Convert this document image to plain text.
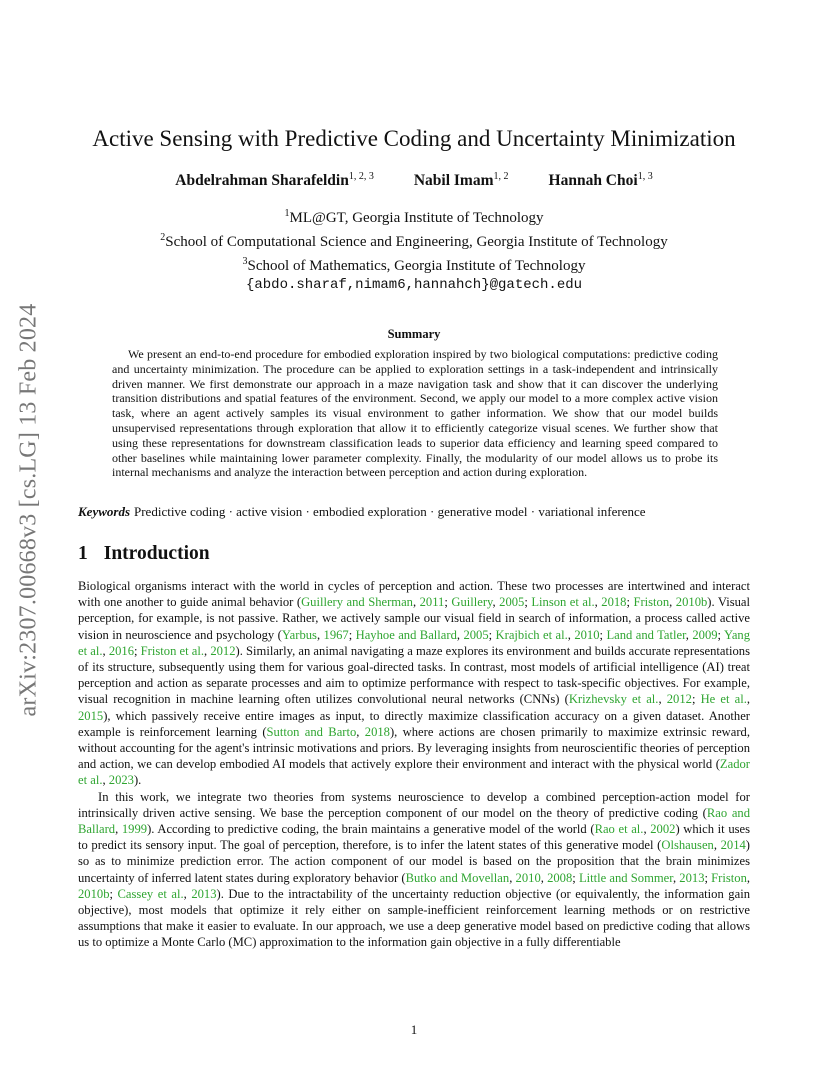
arXiv:2307.00668v3 [cs.LG] 13 Feb 2024
Active Sensing with Predictive Coding and Uncertainty Minimization
Abdelrahman Sharafeldin$^{1, 2, 3}$	Nabil Imam$^{1, 2}$	Hannah Choi$^{1, 3}$
$^1$ML@GT, Georgia Institute of Technology
$^2$School of Computational Science and Engineering, Georgia Institute of Technology
$^3$School of Mathematics, Georgia Institute of Technology
{abdo.sharaf,nimam6,hannahch}@gatech.edu
Summary

We present an end-to-end procedure for embodied exploration inspired by two biological computations: predictive coding and uncertainty minimization. The procedure can be applied to exploration settings in a task-independent and intrinsically driven manner. We first demonstrate our approach in a maze navigation task and show that it can discover the underlying transition distributions and spatial features of the environment. Second, we apply our model to a more complex active vision task, where an agent actively samples its visual environment to gather information. We show that our model builds unsupervised representations through exploration that allow it to efficiently categorize visual scenes. We further show that using these representations for downstream classification leads to superior data efficiency and learning speed compared to other baselines while maintaining lower parameter complexity. Finally, the modularity of our model allows us to probe its internal mechanisms and analyze the interaction between perception and action during exploration.

Keywords Predictive coding · active vision · embodied exploration · generative model · variational inference
1 Introduction

Biological organisms interact with the world in cycles of perception and action. These two processes are intertwined and interact with one another to guide animal behavior (Guillery and Sherman, 2011; Guillery, 2005; Linson et al., 2018; Friston, 2010b). Visual perception, for example, is not passive. Rather, we actively sample our visual field in search of information, a process called active vision in neuroscience and psychology (Yarbus, 1967; Hayhoe and Ballard, 2005; Krajbich et al., 2010; Land and Tatler, 2009; Yang et al., 2016; Friston et al., 2012). Similarly, an animal navigating a maze explores its environment and builds accurate representations of its structure, subsequently using them for various goal-directed tasks. In contrast, most models of artificial intelligence (AI) treat perception and action as separate processes and aim to optimize performance with respect to task-specific objectives. For example, visual recognition in machine learning often utilizes convolutional neural networks (CNNs) (Krizhevsky et al., 2012; He et al., 2015), which passively receive entire images as input, to directly maximize classification accuracy on a given dataset. Another example is reinforcement learning (Sutton and Barto, 2018), where actions are chosen primarily to maximize extrinsic reward, without accounting for the agent's intrinsic motivations and priors. By leveraging insights from neuroscientific theories of perception and action, we can develop embodied AI models that actively explore their environment and interact with the physical world (Zador et al., 2023).

In this work, we integrate two theories from systems neuroscience to develop a combined perception-action model for intrinsically driven active sensing. We base the perception component of our model on the theory of predictive coding (Rao and Ballard, 1999). According to predictive coding, the brain maintains a generative model of the world (Rao et al., 2002) which it uses to predict its sensory input. The goal of perception, therefore, is to infer the latent states of this generative model (Olshausen, 2014) so as to minimize prediction error. The action component of our model is based on the proposition that the brain minimizes uncertainty of inferred latent states during exploratory behavior (Butko and Movellan, 2010, 2008; Little and Sommer, 2013; Friston, 2010b; Cassey et al., 2013). Due to the intractability of the uncertainty reduction objective (or equivalently, the information gain objective), most models that optimize it rely either on sample-inefficient reinforcement learning methods or on restrictive assumptions that make it easier to evaluate. In our approach, we use a deep generative model based on predictive coding that allows us to optimize a Monte Carlo (MC) approximation to the information gain objective in a fully differentiable

1
